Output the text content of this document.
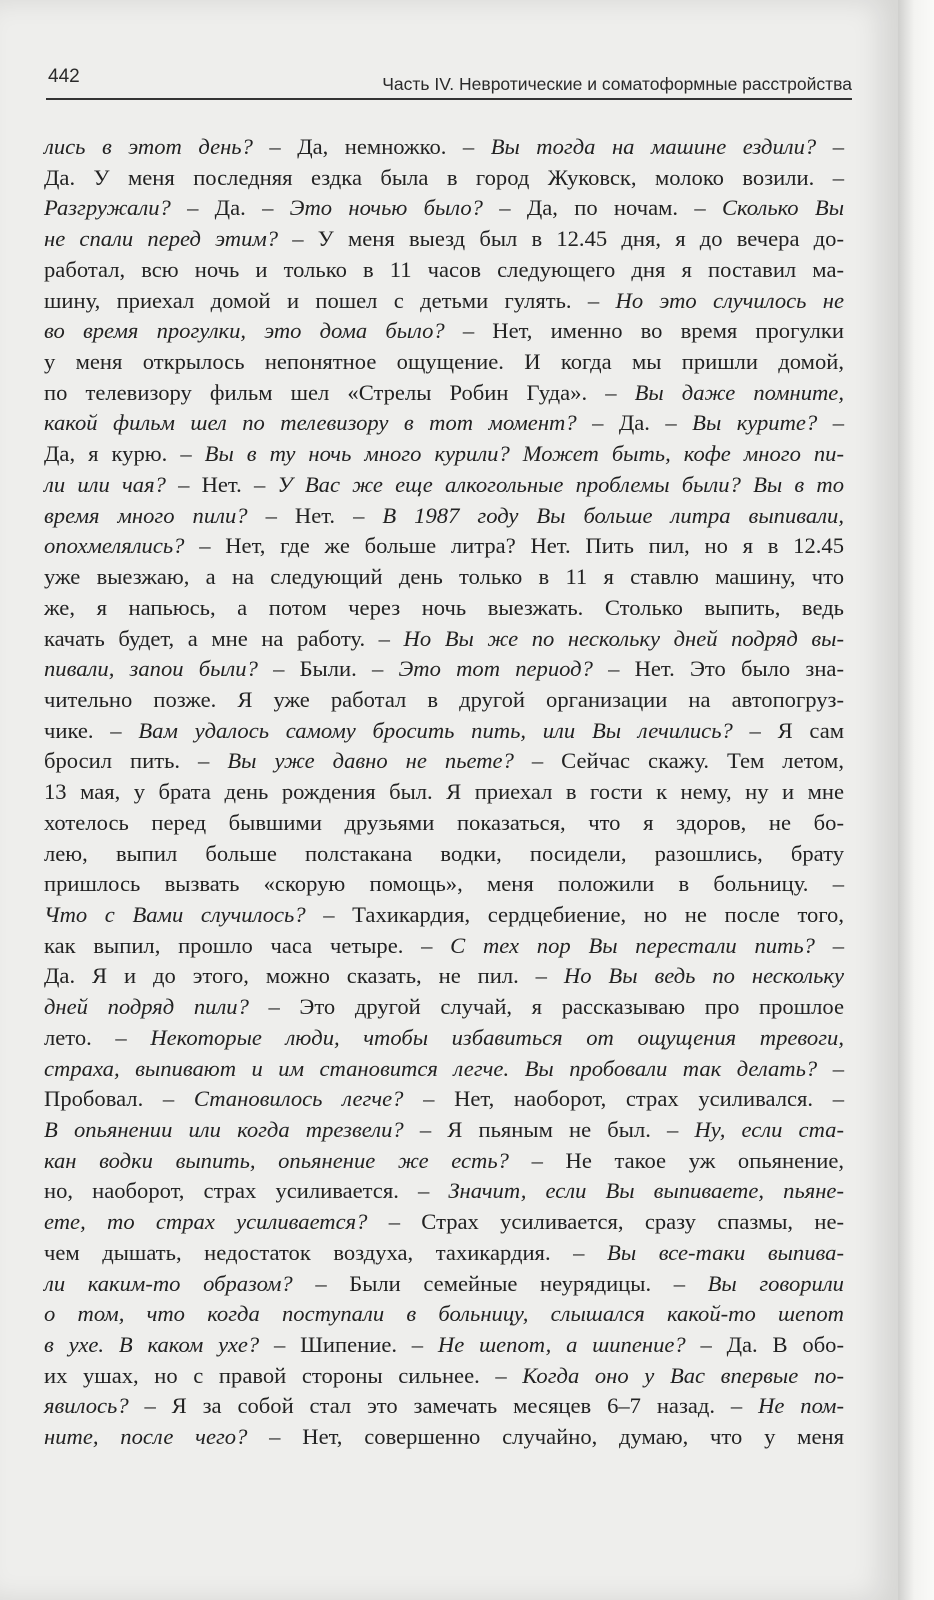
442	Часть IV. Невротические и соматоформные расстройства
лись в этот день? – Да, немножко. – Вы тогда на машине ездили? –
Да. У меня последняя ездка была в город Жуковск, молоко возили. –
Разгружали? – Да. – Это ночью было? – Да, по ночам. – Сколько Вы
не спали перед этим? – У меня выезд был в 12.45 дня, я до вечера до-
работал, всю ночь и только в 11 часов следующего дня я поставил ма-
шину, приехал домой и пошел с детьми гулять. – Но это случилось не
во время прогулки, это дома было? – Нет, именно во время прогулки
у меня открылось непонятное ощущение. И когда мы пришли домой,
по телевизору фильм шел «Стрелы Робин Гуда». – Вы даже помните,
какой фильм шел по телевизору в тот момент? – Да. – Вы курите? –
Да, я курю. – Вы в ту ночь много курили? Может быть, кофе много пи-
ли или чая? – Нет. – У Вас же еще алкогольные проблемы были? Вы в то
время много пили? – Нет. – В 1987 году Вы больше литра выпивали,
опохмелялись? – Нет, где же больше литра? Нет. Пить пил, но я в 12.45
уже выезжаю, а на следующий день только в 11 я ставлю машину, что
же, я напьюсь, а потом через ночь выезжать. Столько выпить, ведь
качать будет, а мне на работу. – Но Вы же по нескольку дней подряд вы-
пивали, запои были? – Были. – Это тот период? – Нет. Это было зна-
чительно позже. Я уже работал в другой организации на автопогруз-
чике. – Вам удалось самому бросить пить, или Вы лечились? – Я сам
бросил пить. – Вы уже давно не пьете? – Сейчас скажу. Тем летом,
13 мая, у брата день рождения был. Я приехал в гости к нему, ну и мне
хотелось перед бывшими друзьями показаться, что я здоров, не бо-
лею, выпил больше полстакана водки, посидели, разошлись, брату
пришлось вызвать «скорую помощь», меня положили в больницу. –
Что с Вами случилось? – Тахикардия, сердцебиение, но не после того,
как выпил, прошло часа четыре. – С тех пор Вы перестали пить? –
Да. Я и до этого, можно сказать, не пил. – Но Вы ведь по нескольку
дней подряд пили? – Это другой случай, я рассказываю про прошлое
лето. – Некоторые люди, чтобы избавиться от ощущения тревоги,
страха, выпивают и им становится легче. Вы пробовали так делать? –
Пробовал. – Становилось легче? – Нет, наоборот, страх усиливался. –
В опьянении или когда трезвели? – Я пьяным не был. – Ну, если ста-
кан водки выпить, опьянение же есть? – Не такое уж опьянение,
но, наоборот, страх усиливается. – Значит, если Вы выпиваете, пьяне-
ете, то страх усиливается? – Страх усиливается, сразу спазмы, не-
чем дышать, недостаток воздуха, тахикардия. – Вы все-таки выпива-
ли каким-то образом? – Были семейные неурядицы. – Вы говорили
о том, что когда поступали в больницу, слышался какой-то шепот
в ухе. В каком ухе? – Шипение. – Не шепот, а шипение? – Да. В обо-
их ушах, но с правой стороны сильнее. – Когда оно у Вас впервые по-
явилось? – Я за собой стал это замечать месяцев 6–7 назад. – Не пом-
ните, после чего? – Нет, совершенно случайно, думаю, что у меня
